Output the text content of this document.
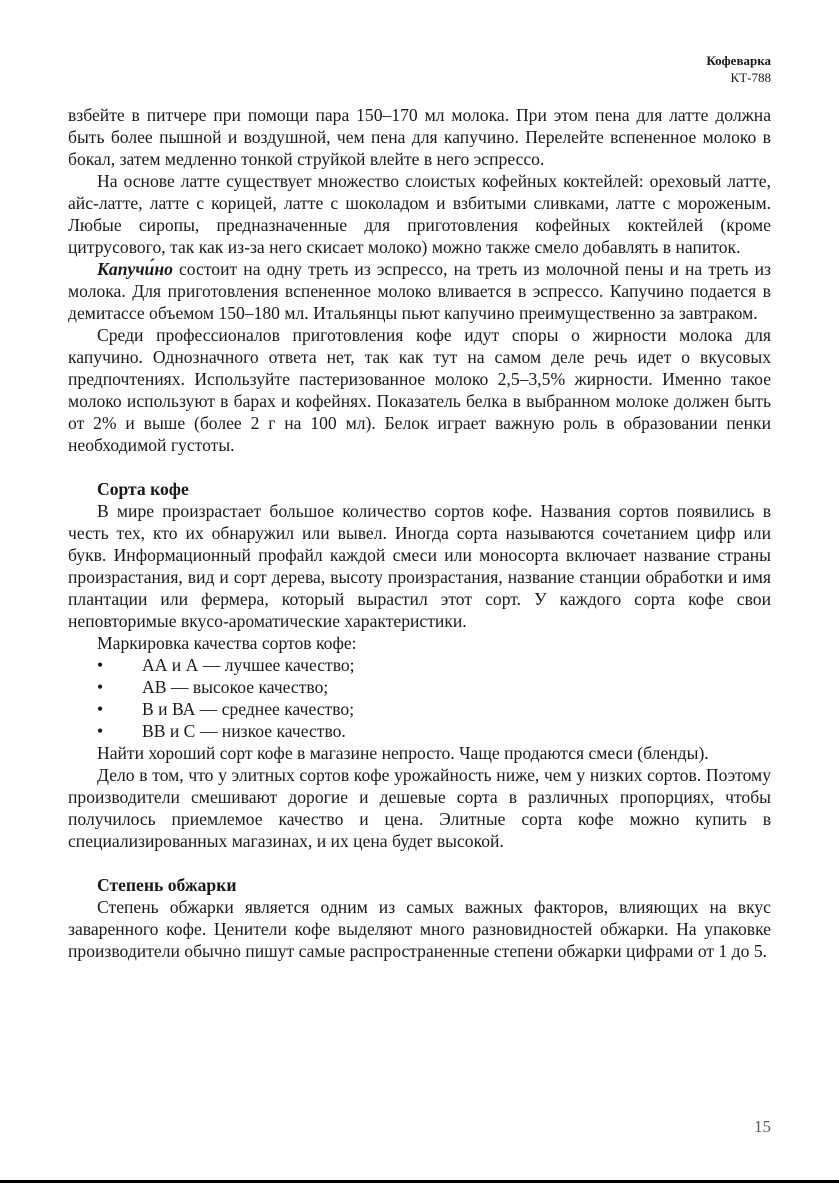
Кофеварка
КТ-788

взбейте в питчере при помощи пара 150–170 мл молока. При этом пена для латте должна быть более пышной и воздушной, чем пена для капучино. Перелейте вспененное молоко в бокал, затем медленно тонкой струйкой влейте в него эспрессо.

На основе латте существует множество слоистых кофейных коктейлей: ореховый латте, айс-латте, латте с корицей, латте с шоколадом и взбитыми сливками, латте с мороженым. Любые сиропы, предназначенные для приготовления кофейных коктейлей (кроме цитрусового, так как из-за него скисает молоко) можно также смело добавлять в напиток.

Капучи́но состоит на одну треть из эспрессо, на треть из молочной пены и на треть из молока. Для приготовления вспененное молоко вливается в эспрессо. Капучино подается в демитассе объемом 150–180 мл. Итальянцы пьют капучино преимущественно за завтраком.

Среди профессионалов приготовления кофе идут споры о жирности молока для капучино. Однозначного ответа нет, так как тут на самом деле речь идет о вкусовых предпочтениях. Используйте пастеризованное молоко 2,5–3,5% жирности. Именно такое молоко используют в барах и кофейнях. Показатель белка в выбранном молоке должен быть от 2% и выше (более 2 г на 100 мл). Белок играет важную роль в образовании пенки необходимой густоты.

Сорта кофе

В мире произрастает большое количество сортов кофе. Названия сортов появились в честь тех, кто их обнаружил или вывел. Иногда сорта называются сочетанием цифр или букв. Информационный профайл каждой смеси или моносорта включает название страны произрастания, вид и сорт дерева, высоту произрастания, название станции обработки и имя плантации или фермера, который вырастил этот сорт. У каждого сорта кофе свои неповторимые вкусо-ароматические характеристики.

Маркировка качества сортов кофе:

• АА и А — лучшее качество;
• АВ — высокое качество;
• В и ВА — среднее качество;
• ВВ и С — низкое качество.

Найти хороший сорт кофе в магазине непросто. Чаще продаются смеси (бленды).

Дело в том, что у элитных сортов кофе урожайность ниже, чем у низких сортов. Поэтому производители смешивают дорогие и дешевые сорта в различных пропорциях, чтобы получилось приемлемое качество и цена. Элитные сорта кофе можно купить в специализированных магазинах, и их цена будет высокой.

Степень обжарки

Степень обжарки является одним из самых важных факторов, влияющих на вкус заваренного кофе. Ценители кофе выделяют много разновидностей обжарки. На упаковке производители обычно пишут самые распространенные степени обжарки цифрами от 1 до 5.

15
